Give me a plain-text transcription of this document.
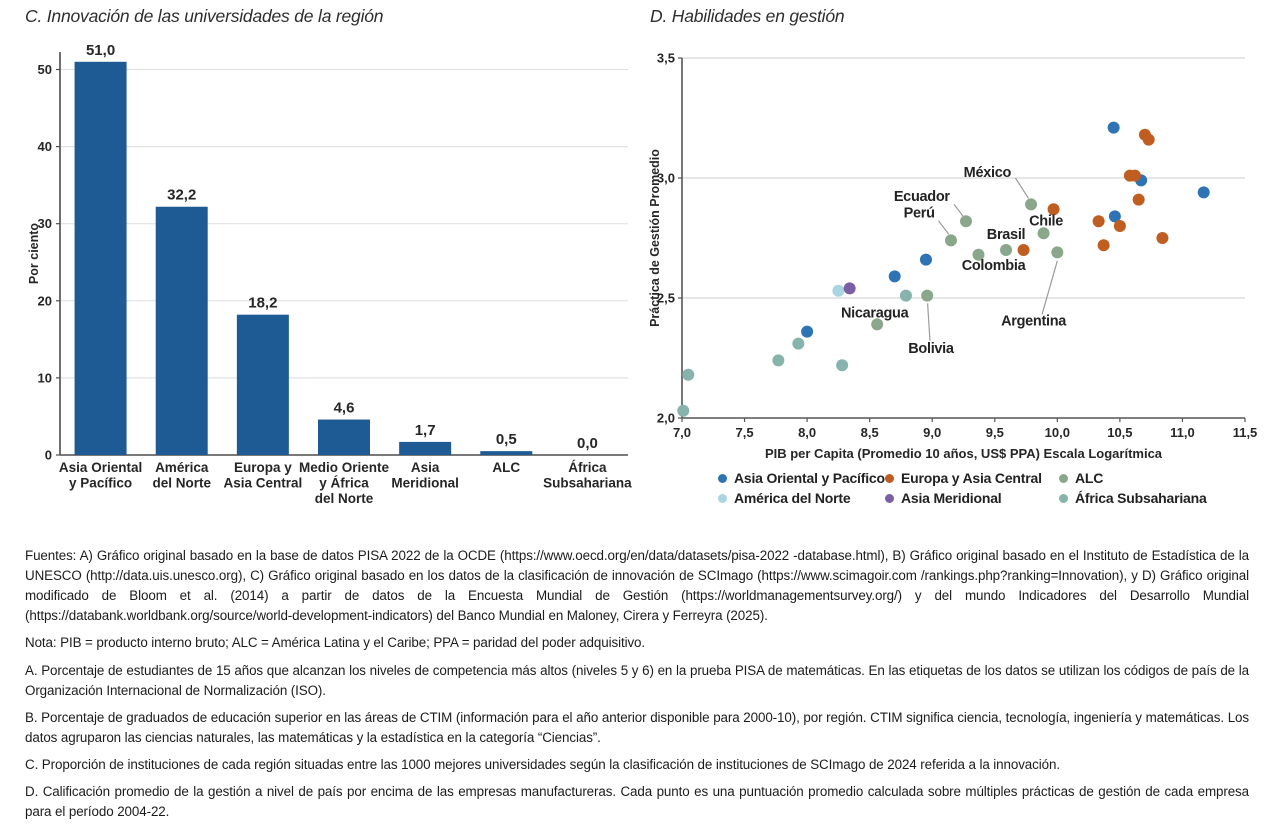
C. Innovación de las universidades de la región	D. Habilidades en gestión
0
10
20
30
40
50
Por ciento
51,0
Asia Oriental y Pacífico
32,2
América del Norte
18,2
Europa y Asia Central
4,6
Medio Oriente y África del Norte
1,7
Asia Meridional
0,5
ALC
0,0
África Subsahariana
2,0
2,5
3,0
3,5
7,0	7,5	8,0	8,5	9,0	9,5	10,0	10,5	11,0	11,5
PIB per Capita (Promedio 10 años, US$ PPA) Escala Logarítmica
Práctica de Gestión Promedio	México
Ecuador
Perú	Chile
Brasil
Colombia
Nicaragua
Bolivia
Argentina
Asia Oriental y Pacífico Europa y Asia Central ALC
América del Norte	Asia Meridional	África Subsahariana

Fuentes: A) Gráfico original basado en la base de datos PISA 2022 de la OCDE (https://www.oecd.org/en/data/datasets/pisa-2022 -database.html), B) Gráfico original basado en el Instituto de Estadística de la UNESCO (http://data.uis.unesco.org), C) Gráfico original basado en los datos de la clasificación de innovación de SCImago (https://www.scimagoir.com /rankings.php?ranking=Innovation), y D) Gráfico original modificado de Bloom et al. (2014) a partir de datos de la Encuesta Mundial de Gestión (https://worldmanagementsurvey.org/) y del mundo Indicadores del Desarrollo Mundial (https://databank.worldbank.org/source/world-development-indicators) del Banco Mundial en Maloney, Cirera y Ferreyra (2025).

Nota: PIB = producto interno bruto; ALC = América Latina y el Caribe; PPA = paridad del poder adquisitivo.

A. Porcentaje de estudiantes de 15 años que alcanzan los niveles de competencia más altos (niveles 5 y 6) en la prueba PISA de matemáticas. En las etiquetas de los datos se utilizan los códigos de país de la Organización Internacional de Normalización (ISO).

B. Porcentaje de graduados de educación superior en las áreas de CTIM (información para el año anterior disponible para 2000-10), por región. CTIM significa ciencia, tecnología, ingeniería y matemáticas. Los datos agruparon las ciencias naturales, las matemáticas y la estadística en la categoría “Ciencias”.

C. Proporción de instituciones de cada región situadas entre las 1000 mejores universidades según la clasificación de instituciones de SCImago de 2024 referida a la innovación.

D. Calificación promedio de la gestión a nivel de país por encima de las empresas manufactureras. Cada punto es una puntuación promedio calculada sobre múltiples prácticas de gestión de cada empresa para el período 2004-22.
